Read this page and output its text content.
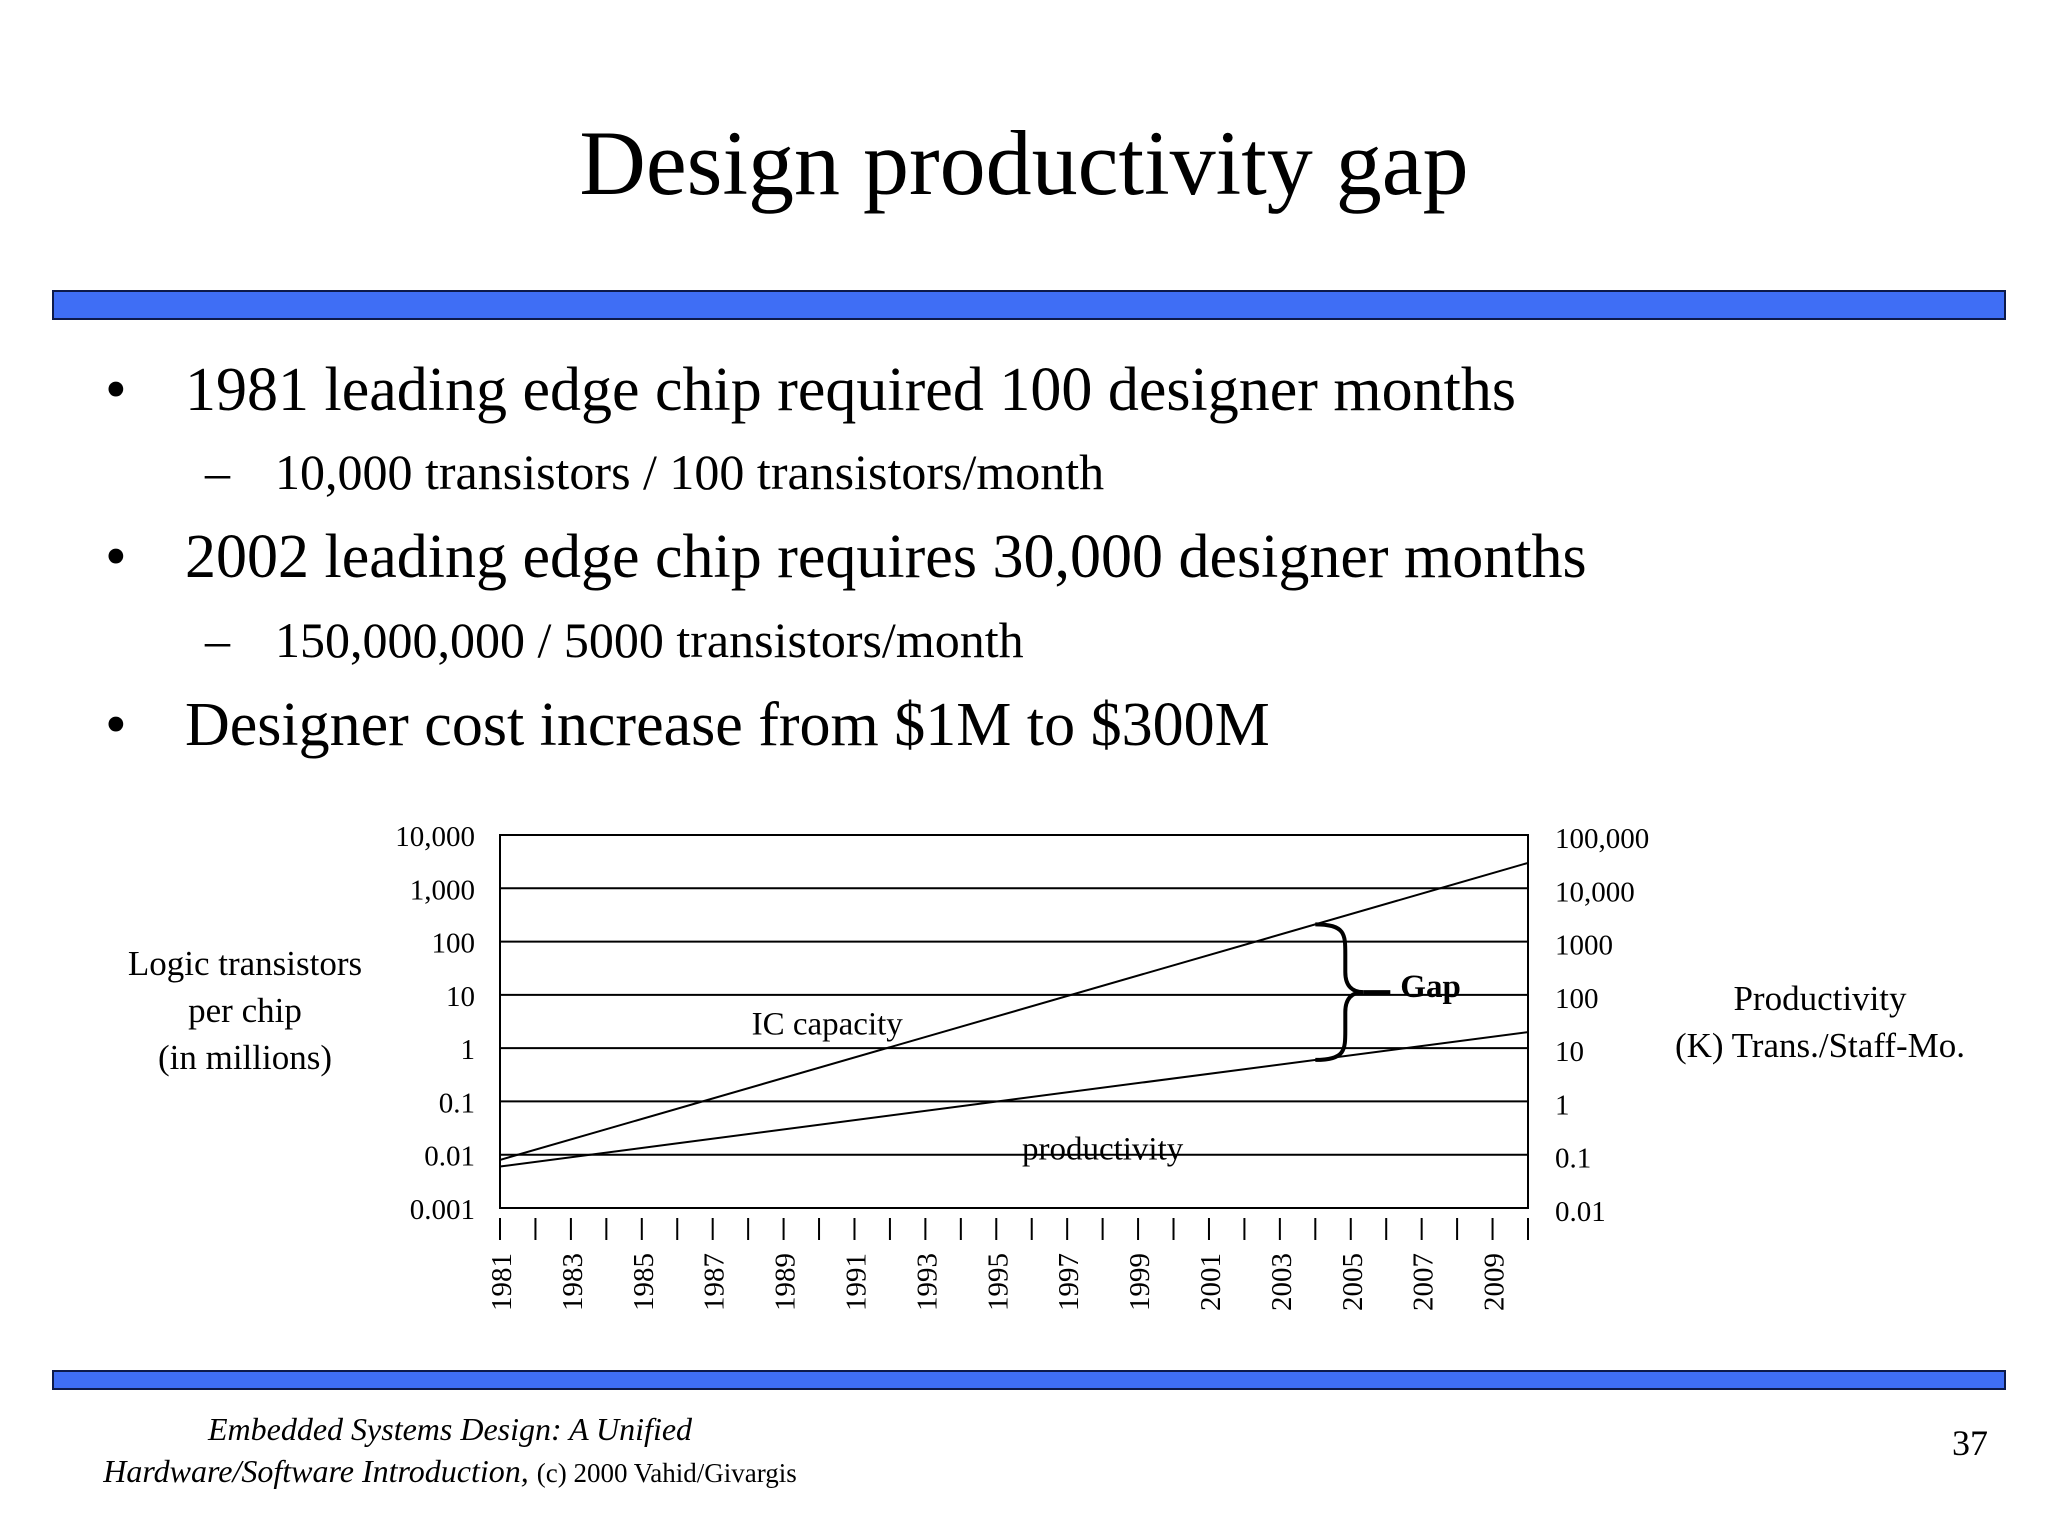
Design productivity gap
• 1981 leading edge chip required 100 designer months
– 10,000 transistors / 100 transistors/month
• 2002 leading edge chip requires 30,000 designer months
– 150,000,000 / 5000 transistors/month
• Designer cost increase from $1M to $300M
Logic transistors
per chip
(in millions)
Productivity
(K) Trans./Staff-Mo.
10,000
1,000
100
10
1
0.1
0.01
0.001
100,000
10,000
1000
100
10
1
0.1
0.01
1981 1983 1985 1987 1989 1991 1993 1995 1997 1999 2001 2003 2005 2007 2009
IC capacity
productivity
Gap
Embedded Systems Design: A Unified
Hardware/Software Introduction, (c) 2000 Vahid/Givargis
37
